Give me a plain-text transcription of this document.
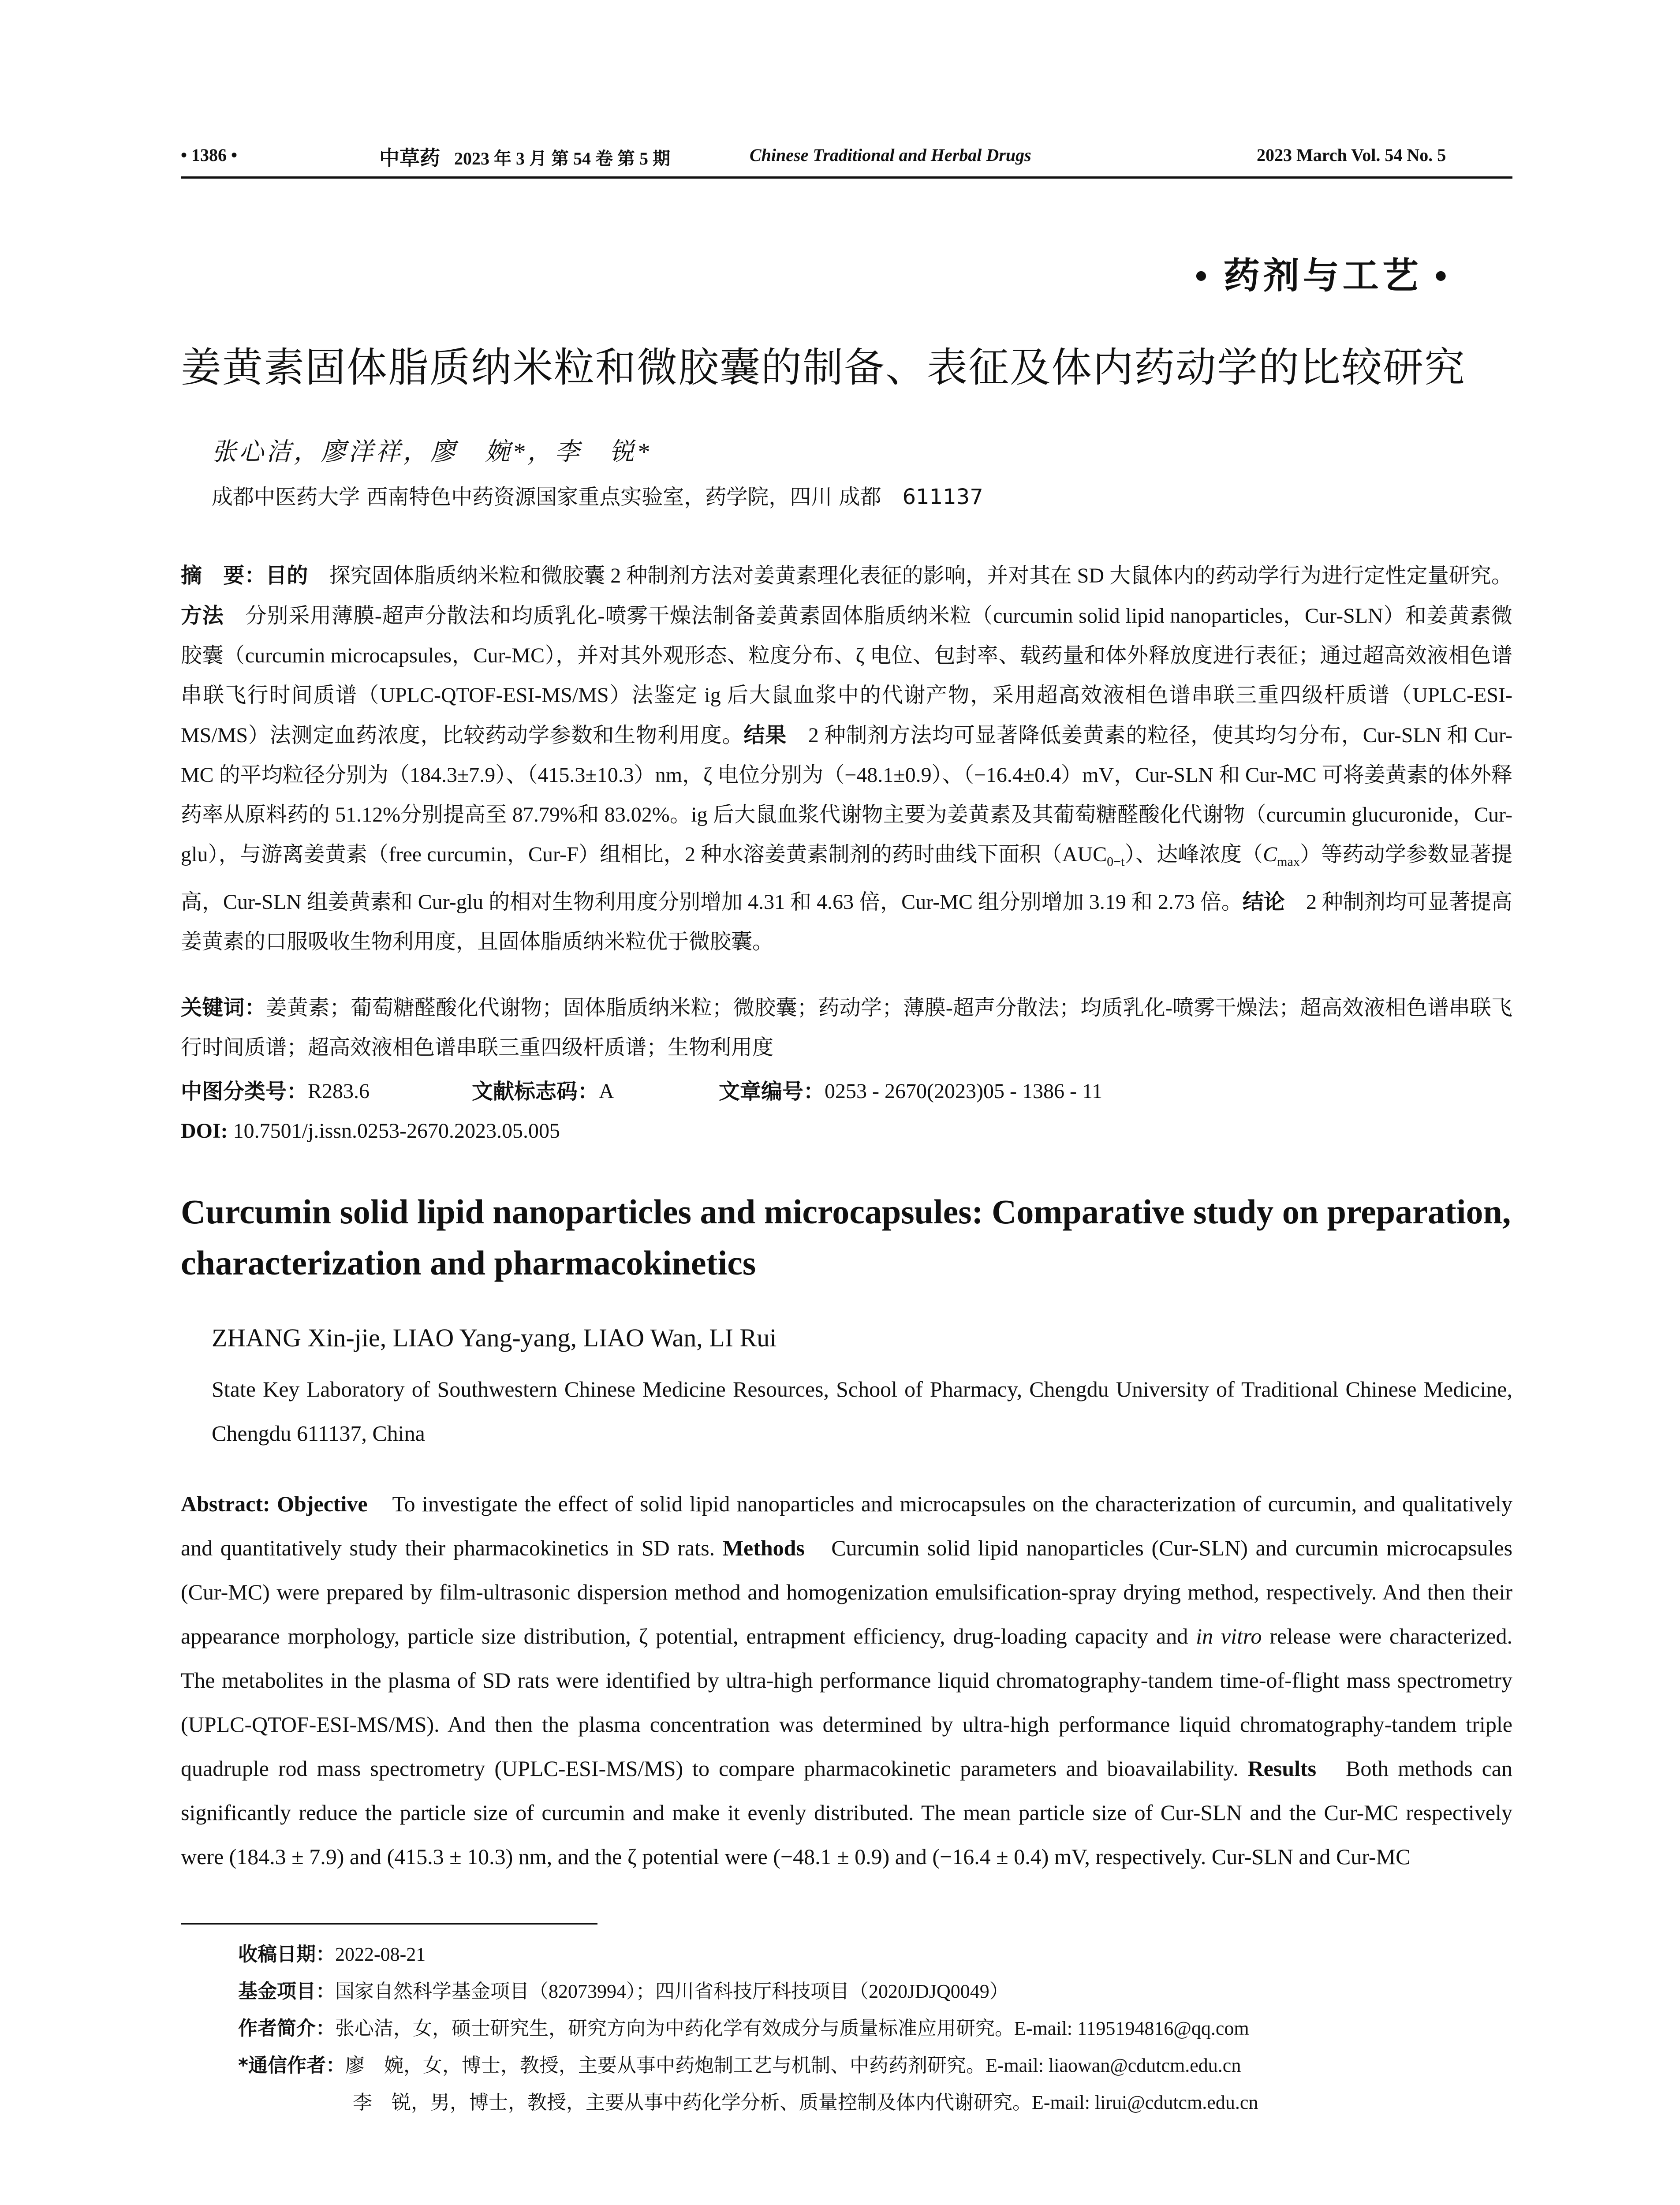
• 1386 •	中草药 2023 年 3 月 第 54 卷 第 5 期	Chinese Traditional and Herbal Drugs	2023 March Vol. 54 No. 5
• 药剂与工艺 •
姜黄素固体脂质纳米粒和微胶囊的制备、表征及体内药动学的比较研究
张心洁，廖洋祥，廖　婉*，李　锐*
成都中医药大学 西南特色中药资源国家重点实验室，药学院，四川 成都　611137
摘　要：目的　探究固体脂质纳米粒和微胶囊 2 种制剂方法对姜黄素理化表征的影响，并对其在 SD 大鼠体内的药动学行为进行定性定量研究。方法　分别采用薄膜-超声分散法和均质乳化-喷雾干燥法制备姜黄素固体脂质纳米粒（curcumin solid lipid nanoparticles，Cur-SLN）和姜黄素微胶囊（curcumin microcapsules，Cur-MC），并对其外观形态、粒度分布、ζ 电位、包封率、载药量和体外释放度进行表征；通过超高效液相色谱串联飞行时间质谱（UPLC-QTOF-ESI-MS/MS）法鉴定 ig 后大鼠血浆中的代谢产物，采用超高效液相色谱串联三重四级杆质谱（UPLC-ESI-MS/MS）法测定血药浓度，比较药动学参数和生物利用度。结果　2 种制剂方法均可显著降低姜黄素的粒径，使其均匀分布，Cur-SLN 和 Cur-MC 的平均粒径分别为（184.3±7.9）、（415.3±10.3）nm，ζ 电位分别为（−48.1±0.9）、（−16.4±0.4）mV，Cur-SLN 和 Cur-MC 可将姜黄素的体外释药率从原料药的 51.12%分别提高至 87.79%和 83.02%。ig 后大鼠血浆代谢物主要为姜黄素及其葡萄糖醛酸化代谢物（curcumin glucuronide，Cur-glu），与游离姜黄素（free curcumin，Cur-F）组相比，2 种水溶姜黄素制剂的药时曲线下面积$(AUC_{0-t})$、达峰浓度$(C_{max})$等药动学参数显著提高，Cur-SLN 组姜黄素和 Cur-glu 的相对生物利用度分别增加 4.31 和 4.63 倍，Cur-MC 组分别增加 3.19 和 2.73 倍。结论　2 种制剂均可显著提高姜黄素的口服吸收生物利用度，且固体脂质纳米粒优于微胶囊。
关键词：姜黄素；葡萄糖醛酸化代谢物；固体脂质纳米粒；微胶囊；药动学；薄膜-超声分散法；均质乳化-喷雾干燥法；超高效液相色谱串联飞行时间质谱；超高效液相色谱串联三重四级杆质谱；生物利用度
中图分类号： R283.6	文献标志码： A	文章编号： 0253 - 2670(2023)05 - 1386 - 11
DOI: 10.7501/j.issn.0253-2670.2023.05.005
Curcumin solid lipid nanoparticles and microcapsules: Comparative study on preparation, characterization and pharmacokinetics
ZHANG Xin-jie, LIAO Yang-yang, LIAO Wan, LI Rui
State Key Laboratory of Southwestern Chinese Medicine Resources, School of Pharmacy, Chengdu University of Traditional Chinese Medicine, Chengdu 611137, China
Abstract: Objective　To investigate the effect of solid lipid nanoparticles and microcapsules on the characterization of curcumin, and qualitatively and quantitatively study their pharmacokinetics in SD rats. Methods　Curcumin solid lipid nanoparticles (Cur-SLN) and curcumin microcapsules (Cur-MC) were prepared by film-ultrasonic dispersion method and homogenization emulsification-spray drying method, respectively. And then their appearance morphology, particle size distribution, ζ potential, entrapment efficiency, drug-loading capacity and in vitro release were characterized. The metabolites in the plasma of SD rats were identified by ultra-high performance liquid chromatography-tandem time-of-flight mass spectrometry (UPLC-QTOF-ESI-MS/MS). And then the plasma concentration was determined by ultra-high performance liquid chromatography-tandem triple quadruple rod mass spectrometry (UPLC-ESI-MS/MS) to compare pharmacokinetic parameters and bioavailability. Results　Both methods can significantly reduce the particle size of curcumin and make it evenly distributed. The mean particle size of Cur-SLN and the Cur-MC respectively were (184.3 ± 7.9) and (415.3 ± 10.3) nm, and the ζ potential were (−48.1 ± 0.9) and (−16.4 ± 0.4) mV, respectively. Cur-SLN and Cur-MC
收稿日期：2022-08-21
基金项目：国家自然科学基金项目（82073994）；四川省科技厅科技项目（2020JDJQ0049）
作者简介：张心洁，女，硕士研究生，研究方向为中药化学有效成分与质量标准应用研究。E-mail: 1195194816@qq.com
*通信作者：廖　婉，女，博士，教授，主要从事中药炮制工艺与机制、中药药剂研究。E-mail: liaowan@cdutcm.edu.cn
李　锐，男，博士，教授，主要从事中药化学分析、质量控制及体内代谢研究。E-mail: lirui@cdutcm.edu.cn
